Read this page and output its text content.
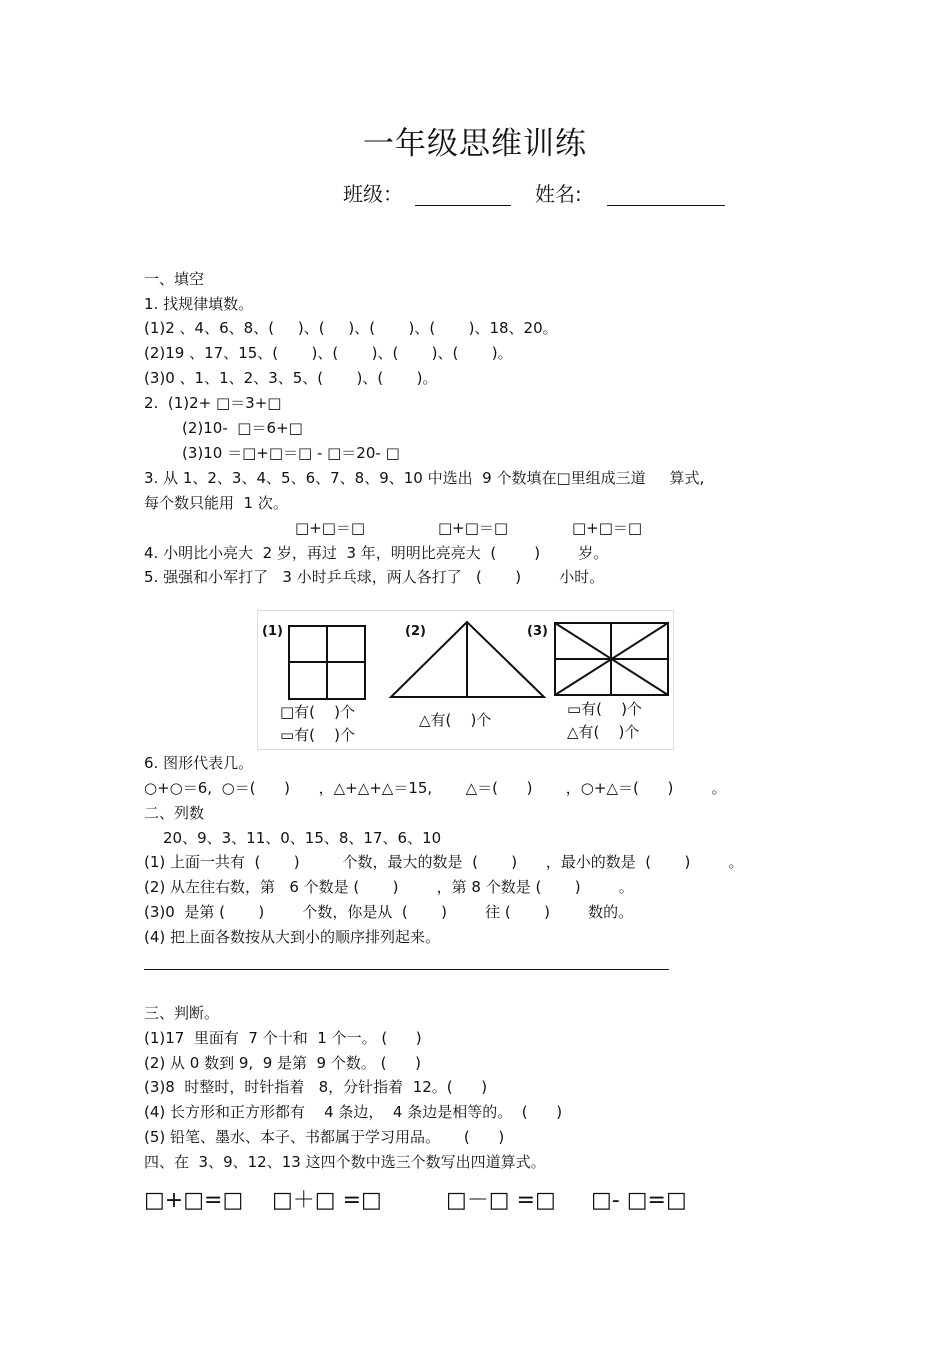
一年级思维训练
班级：	姓名:
一、填空
1. 找规律填数。
(1)2 、4、6、8、(     )、(     )、(       )、(       )、18、20。
(2)19 、17、15、(       )、(       )、(       )、(       )。
(3)0 、1、1、2、3、5、(       )、(       )。
2.  (1)2+ □＝3+□
(2)10-  □＝6+□
(3)10 ＝□+□＝□ - □＝20- □
3. 从 1、2、3、4、5、6、7、8、9、10 中选出  9 个数填在□里组成三道     算式,
每个数只能用  1 次。
□+□＝□	□+□＝□	□+□＝□
4. 小明比小亮大  2 岁，再过  3 年，明明比亮亮大  (        )        岁。
5. 强强和小军打了   3 小时乒乓球，两人各打了   (       )        小时。
(1)	(2)	(3)
□有(    )个
▭有(    )个
△有(    )个
▭有(    )个
△有(    )个
6. 图形代表几。
○+○＝6,  ○＝(      )      ，△+△+△＝15,       △＝(      )       ，○+△＝(      )        。
二、列数
20、9、3、11、0、15、8、17、6、10
(1) 上面一共有  (       )         个数，最大的数是  (       )      ，最小的数是  (       )        。
(2) 从左往右数，第   6 个数是 (       )        ，第 8 个数是 (       )        。
(3)0  是第 (       )        个数，你是从  (       )        往 (       )        数的。
(4) 把上面各数按从大到小的顺序排列起来。
三、判断。
(1)17  里面有  7 个十和  1 个一。 (      )
(2) 从 0 数到 9,  9 是第  9 个数。 (      )
(3)8  时整时，时针指着   8，分针指着  12。(      )
(4) 长方形和正方形都有    4 条边，  4 条边是相等的。  (      )
(5) 铅笔、墨水、本子、书都属于学习用品。     (      )
四、在  3、9、12、13 这四个数中选三个数写出四道算式。
□+□=□ □＋□ =□	□－□ =□ □- □=□
